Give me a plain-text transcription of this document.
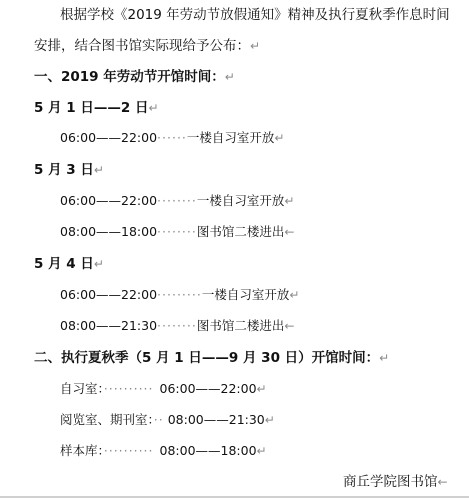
根据学校《2019 年劳动节放假通知》精神及执行夏秋季作息时间
安排，结合图书馆实际现给予公布：↵
一、2019 年劳动节开馆时间：↵
5 月 1 日——2 日↵
06:00——22:00······一楼自习室开放↵
5 月 3 日↵
06:00——22:00········一楼自习室开放↵
08:00——18:00········图书馆二楼进出←
5 月 4 日↵
06:00——22:00·········一楼自习室开放↵
08:00——21:30········图书馆二楼进出←
二、执行夏秋季（5 月 1 日——9 月 30 日）开馆时间：↵
自习室：·········· 06:00——22:00↵
阅览室、期刊室：·· 08:00——21:30↵
样本库：·········· 08:00——18:00↵
商丘学院图书馆←
